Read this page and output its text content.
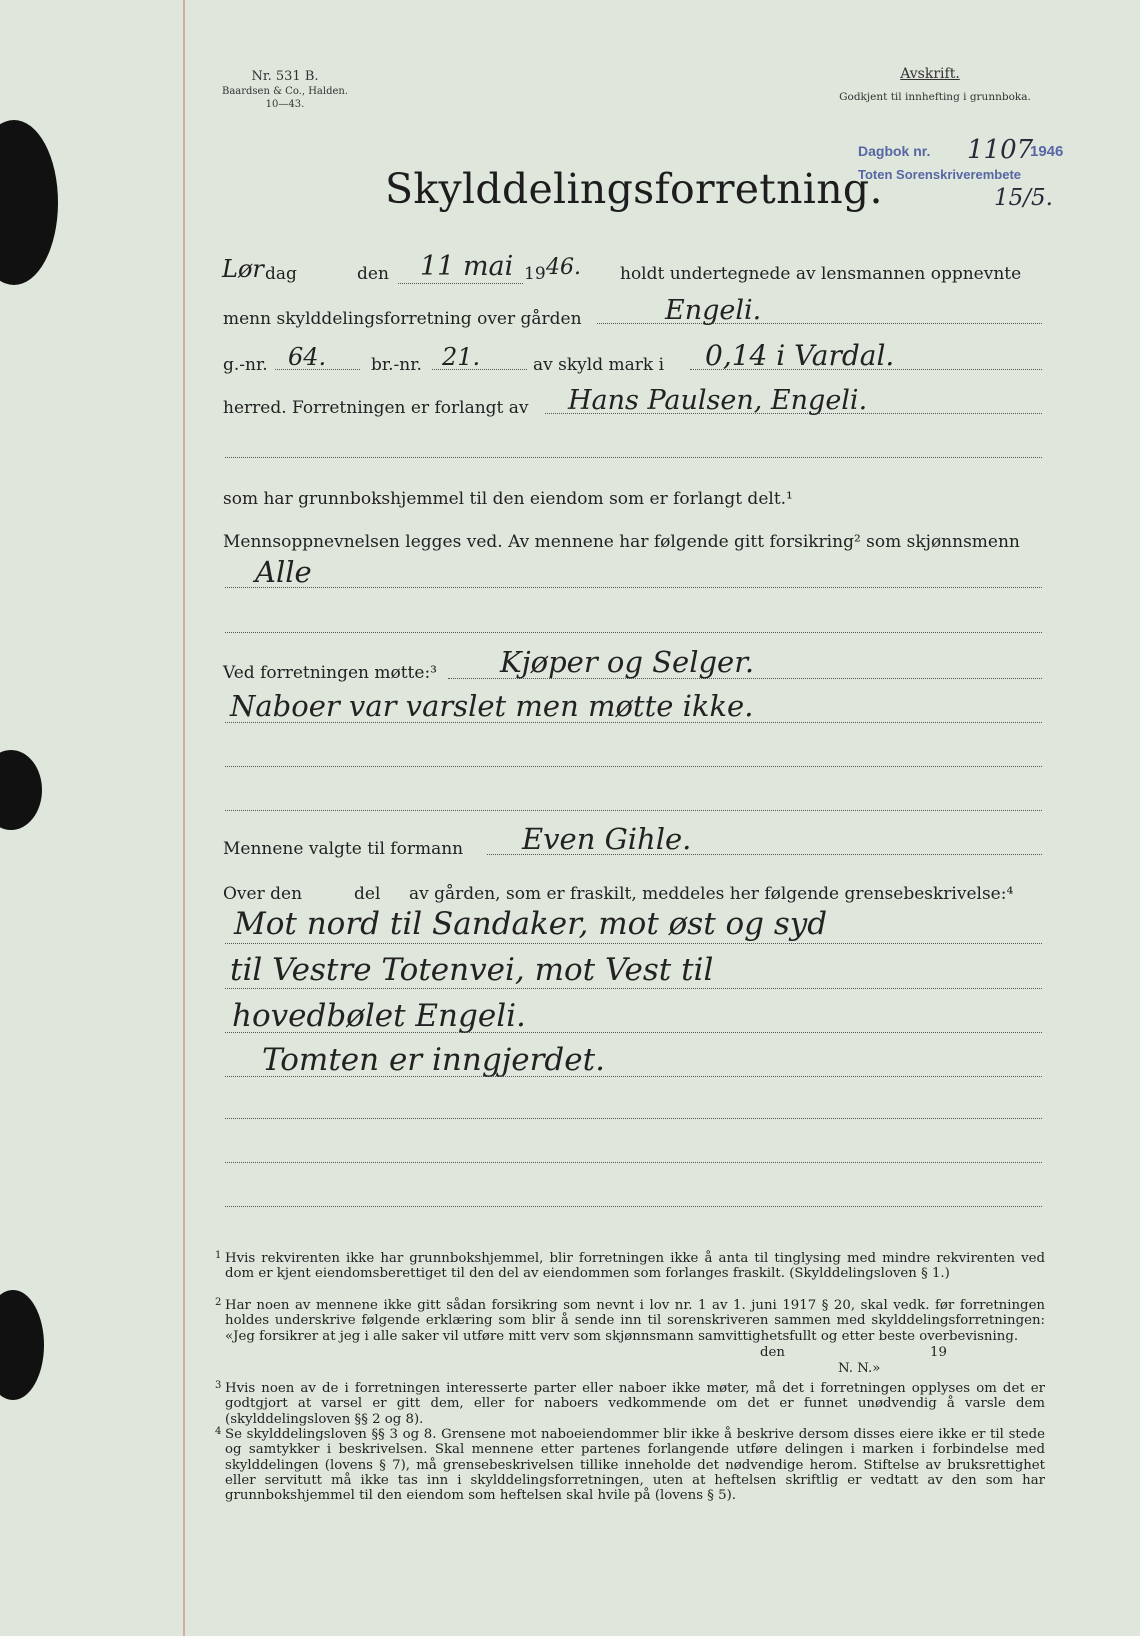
Nr. 531 B.
Baardsen & Co., Halden.
10—43.
Avskrift.
Godkjent til innhefting i grunnboka.
Dagbok nr. 1107
1946
Toten Sorenskriverembete
15/5.
Skylddelingsforretning.
Lør dag	den 11 mai 19 46. holdt undertegnede av lensmannen oppnevnte
menn skylddelingsforretning over gården	Engeli.
g.-nr. 64.	br.-nr. 21.	av skyld mark i 0,14 i Vardal.
herred. Forretningen er forlangt av Hans Paulsen, Engeli.
som har grunnbokshjemmel til den eiendom som er forlangt delt.¹
Mennsoppnevnelsen legges ved. Av mennene har følgende gitt forsikring² som skjønnsmenn
Alle
Ved forretningen møtte:³ Kjøper og Selger.
Naboer var varslet men møtte ikke.
Mennene valgte til formann Even Gihle.
Over den	del av gården, som er fraskilt, meddeles her følgende grensebeskrivelse:⁴
Mot nord til Sandaker, mot øst og syd
til Vestre Totenvei, mot Vest til
hovedbølet Engeli.
Tomten er inngjerdet.
1 Hvis rekvirenten ikke har grunnbokshjemmel, blir forretningen ikke å anta til tinglysing med mindre rekvirenten ved dom er kjent eiendomsberettiget til den del av eiendommen som forlanges fraskilt. (Skylddelingsloven § 1.)
2 Har noen av mennene ikke gitt sådan forsikring som nevnt i lov nr. 1 av 1. juni 1917 § 20, skal vedk. før forretningen holdes underskrive følgende erklæring som blir å sende inn til sorenskriveren sammen med skylddelingsforretningen: «Jeg forsikrer at jeg i alle saker vil utføre mitt verv som skjønnsmann samvittighetsfullt og etter beste overbevisning.
den	19
N. N.»
3 Hvis noen av de i forretningen interesserte parter eller naboer ikke møter, må det i forretningen opplyses om det er godtgjort at varsel er gitt dem, eller for naboers vedkommende om det er funnet unødvendig å varsle dem (skylddelingsloven §§ 2 og 8).
4 Se skylddelingsloven §§ 3 og 8. Grensene mot naboeiendommer blir ikke å beskrive dersom disses eiere ikke er til stede og samtykker i beskrivelsen. Skal mennene etter partenes forlangende utføre delingen i marken i forbindelse med skylddelingen (lovens § 7), må grensebeskrivelsen tillike inneholde det nødvendige herom. Stiftelse av bruksrettighet eller servitutt må ikke tas inn i skylddelingsforretningen, uten at heftelsen skriftlig er vedtatt av den som har grunnbokshjemmel til den eiendom som heftelsen skal hvile på (lovens § 5).
